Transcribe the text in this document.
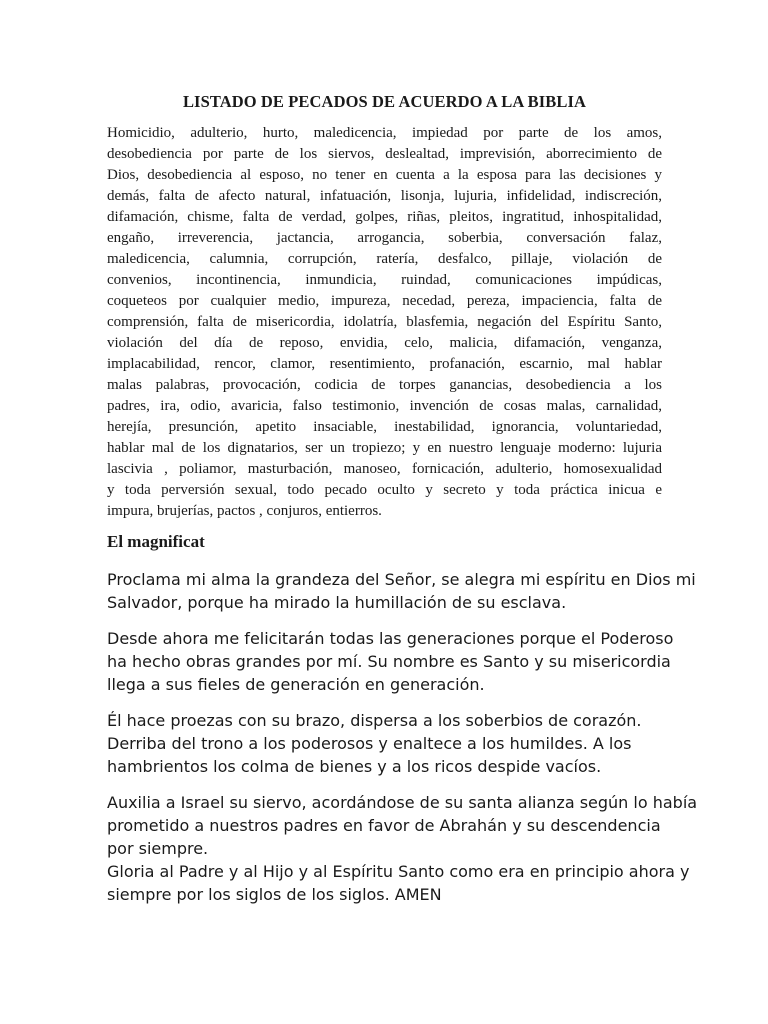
LISTADO DE PECADOS DE ACUERDO A LA BIBLIA
Homicidio, adulterio, hurto, maledicencia, impiedad por parte de los amos,
desobediencia por parte de los siervos, deslealtad, imprevisión, aborrecimiento de
Dios, desobediencia al esposo, no tener en cuenta a la esposa para las decisiones y
demás, falta de afecto natural, infatuación, lisonja, lujuria, infidelidad, indiscreción,
difamación, chisme, falta de verdad, golpes, riñas, pleitos, ingratitud, inhospitalidad,
engaño, irreverencia, jactancia, arrogancia, soberbia, conversación falaz,
maledicencia, calumnia, corrupción, ratería, desfalco, pillaje, violación de
convenios, incontinencia, inmundicia, ruindad, comunicaciones impúdicas,
coqueteos por cualquier medio, impureza, necedad, pereza, impaciencia, falta de
comprensión, falta de misericordia, idolatría, blasfemia, negación del Espíritu Santo,
violación del día de reposo, envidia, celo, malicia, difamación, venganza,
implacabilidad, rencor, clamor, resentimiento, profanación, escarnio, mal hablar
malas palabras, provocación, codicia de torpes ganancias, desobediencia a los
padres, ira, odio, avaricia, falso testimonio, invención de cosas malas, carnalidad,
herejía, presunción, apetito insaciable, inestabilidad, ignorancia, voluntariedad,
hablar mal de los dignatarios, ser un tropiezo; y en nuestro lenguaje moderno: lujuria
lascivia , poliamor, masturbación, manoseo, fornicación, adulterio, homosexualidad
y toda perversión sexual, todo pecado oculto y secreto y toda práctica inicua e
impura, brujerías, pactos , conjuros, entierros.
El magnificat

Proclama mi alma la grandeza del Señor, se alegra mi espíritu en Dios mi
Salvador, porque ha mirado la humillación de su esclava.

Desde ahora me felicitarán todas las generaciones porque el Poderoso
ha hecho obras grandes por mí. Su nombre es Santo y su misericordia
llega a sus fieles de generación en generación.

Él hace proezas con su brazo, dispersa a los soberbios de corazón.
Derriba del trono a los poderosos y enaltece a los humildes. A los
hambrientos los colma de bienes y a los ricos despide vacíos.

Auxilia a Israel su siervo, acordándose de su santa alianza según lo había
prometido a nuestros padres en favor de Abrahán y su descendencia
por siempre.
Gloria al Padre y al Hijo y al Espíritu Santo como era en principio ahora y
siempre por los siglos de los siglos. AMEN
